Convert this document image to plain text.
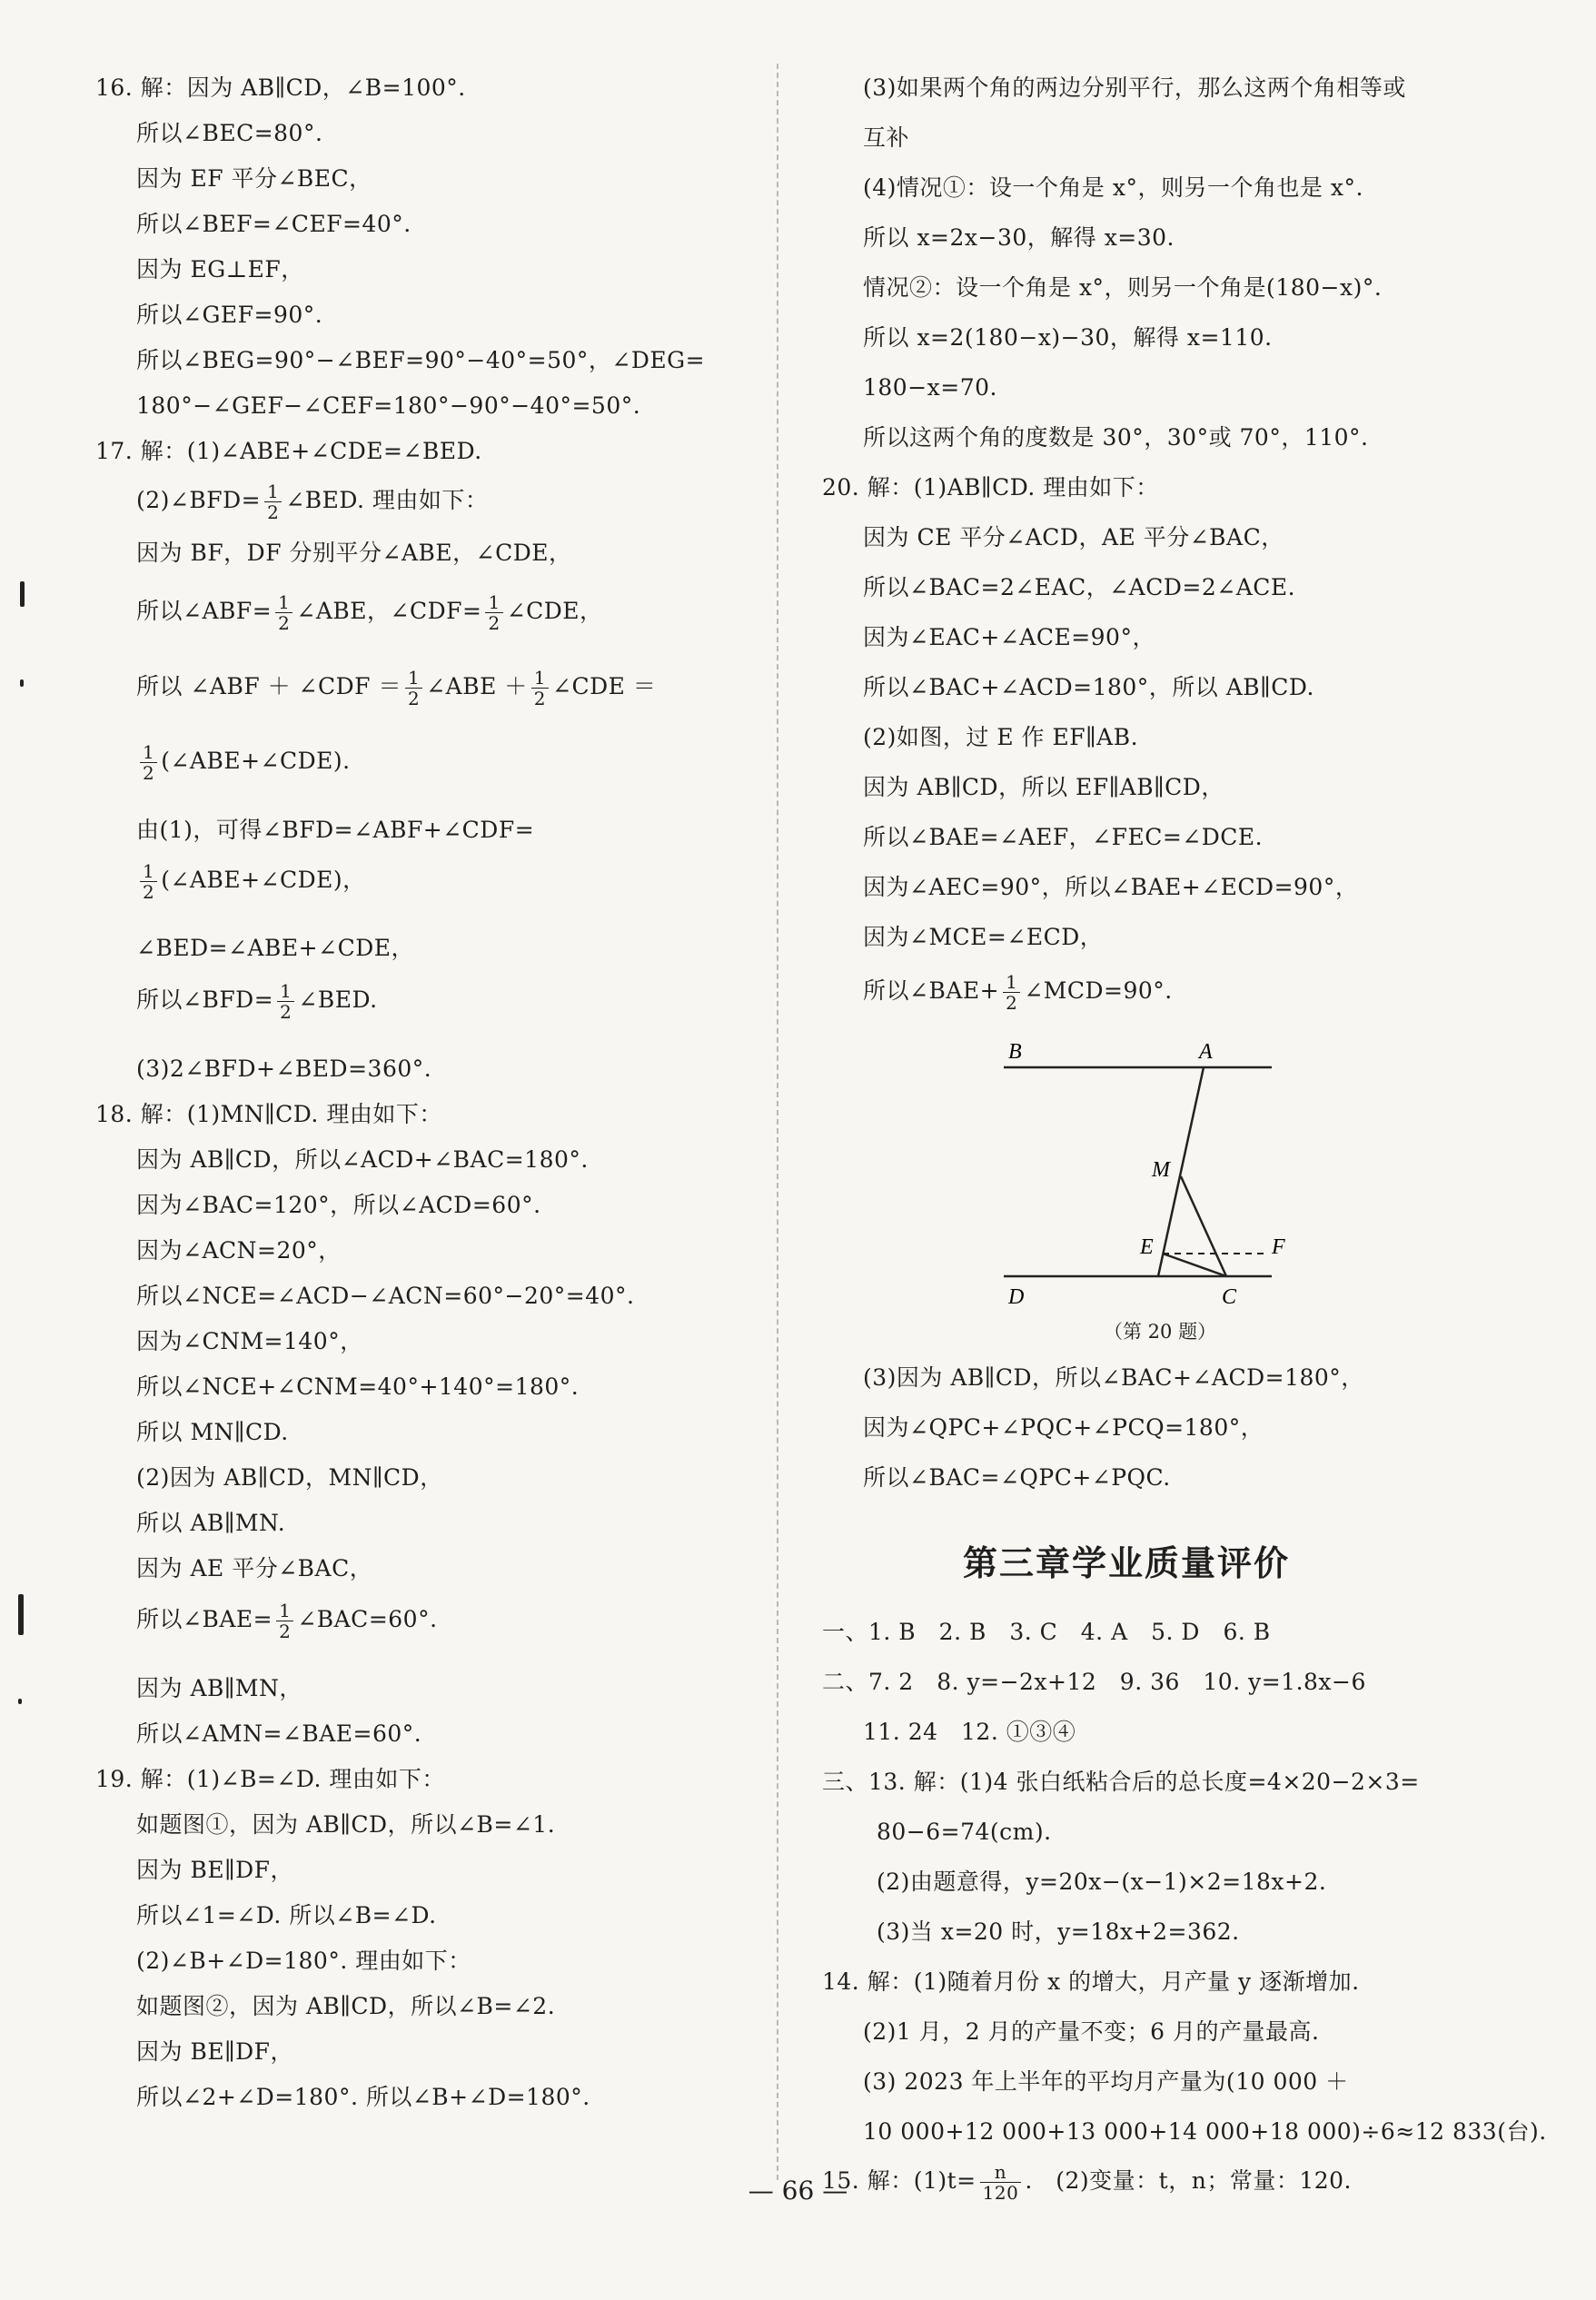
16. 解：因为 AB∥CD，∠B=100°.
所以∠BEC=80°.
因为 EF 平分∠BEC，
所以∠BEF=∠CEF=40°.
因为 EG⊥EF，
所以∠GEF=90°.
所以∠BEG=90°−∠BEF=90°−40°=50°，∠DEG=
180°−∠GEF−∠CEF=180°−90°−40°=50°.
17. 解：(1)∠ABE+∠CDE=∠BED.
(2)∠BFD= $\frac{1}{2}$ ∠BED. 理由如下：
因为 BF，DF 分别平分∠ABE，∠CDE，
所以∠ABF= $\frac{1}{2}$ ∠ABE，∠CDF= $\frac{1}{2}$ ∠CDE，
所以 ∠ABF ＋ ∠CDF ＝ $\frac{1}{2}$ ∠ABE ＋ $\frac{1}{2}$ ∠CDE ＝
$\frac{1}{2}$ (∠ABE+∠CDE).
由(1)，可得∠BFD=∠ABF+∠CDF=
$\frac{1}{2}$ (∠ABE+∠CDE)，
∠BED=∠ABE+∠CDE，
所以∠BFD= $\frac{1}{2}$ ∠BED.
(3)2∠BFD+∠BED=360°.
18. 解：(1)MN∥CD. 理由如下：
因为 AB∥CD，所以∠ACD+∠BAC=180°.
因为∠BAC=120°，所以∠ACD=60°.
因为∠ACN=20°，
所以∠NCE=∠ACD−∠ACN=60°−20°=40°.
因为∠CNM=140°，
所以∠NCE+∠CNM=40°+140°=180°.
所以 MN∥CD.
(2)因为 AB∥CD，MN∥CD，
所以 AB∥MN.
因为 AE 平分∠BAC，
所以∠BAE= $\frac{1}{2}$ ∠BAC=60°.
因为 AB∥MN，
所以∠AMN=∠BAE=60°.
19. 解：(1)∠B=∠D. 理由如下：
如题图①，因为 AB∥CD，所以∠B=∠1.
因为 BE∥DF，
所以∠1=∠D. 所以∠B=∠D.
(2)∠B+∠D=180°. 理由如下：
如题图②，因为 AB∥CD，所以∠B=∠2.
因为 BE∥DF，
所以∠2+∠D=180°. 所以∠B+∠D=180°.
(3)如果两个角的两边分别平行，那么这两个角相等或
互补
(4)情况①：设一个角是 x°，则另一个角也是 x°.
所以 x=2x−30，解得 x=30.
情况②：设一个角是 x°，则另一个角是(180−x)°.
所以 x=2(180−x)−30，解得 x=110.
180−x=70.
所以这两个角的度数是 30°，30°或 70°，110°.
20. 解：(1)AB∥CD. 理由如下：
因为 CE 平分∠ACD，AE 平分∠BAC，
所以∠BAC=2∠EAC，∠ACD=2∠ACE.
因为∠EAC+∠ACE=90°，
所以∠BAC+∠ACD=180°，所以 AB∥CD.
(2)如图，过 E 作 EF∥AB.
因为 AB∥CD，所以 EF∥AB∥CD，
所以∠BAE=∠AEF，∠FEC=∠DCE.
因为∠AEC=90°，所以∠BAE+∠ECD=90°，
因为∠MCE=∠ECD，
所以∠BAE+ $\frac{1}{2}$ ∠MCD=90°.
B	A
M
E	F
D	C
（第 20 题）
(3)因为 AB∥CD，所以∠BAC+∠ACD=180°，
因为∠QPC+∠PQC+∠PCQ=180°，
所以∠BAC=∠QPC+∠PQC.
第三章学业质量评价
一、1. B　2. B　3. C　4. A　5. D　6. B
二、7. 2　8. y=−2x+12　9. 36　10. y=1.8x−6
11. 24　12. ①③④
三、13. 解：(1)4 张白纸粘合后的总长度=4×20−2×3=
80−6=74(cm).
(2)由题意得，y=20x−(x−1)×2=18x+2.
(3)当 x=20 时，y=18x+2=362.
14. 解：(1)随着月份 x 的增大，月产量 y 逐渐增加.
(2)1 月，2 月的产量不变；6 月的产量最高.
(3) 2023 年上半年的平均月产量为(10 000 ＋
10 000+12 000+13 000+14 000+18 000)÷6≈12 833(台).
15. 解：$(1)t= \frac{n}{120}$ .　(2)变量：t，n；常量：120.
— 66 —
